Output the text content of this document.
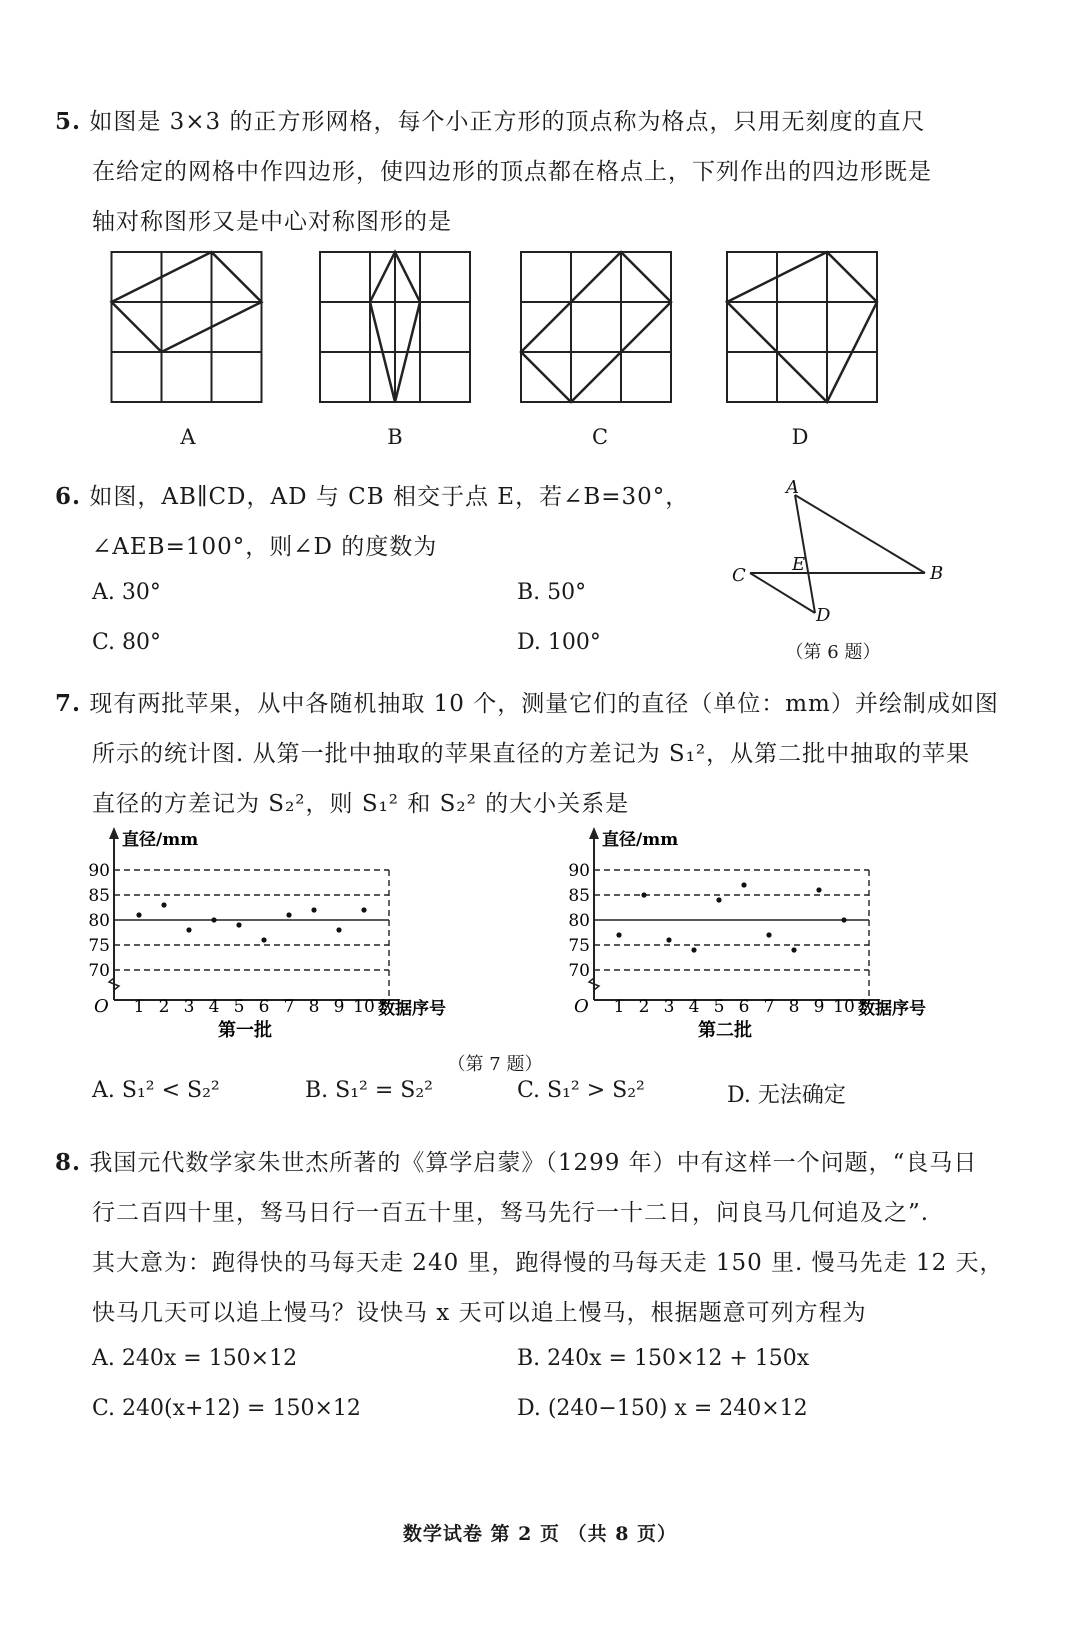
5. 如图是 3×3 的正方形网格，每个小正方形的顶点称为格点，只用无刻度的直尺
在给定的网格中作四边形，使四边形的顶点都在格点上，下列作出的四边形既是
轴对称图形又是中心对称图形的是
A	B	C	D
6. 如图，AB∥CD，AD 与 CB 相交于点 E，若∠B=30°，
∠AEB=100°，则∠D 的度数为
A. 30°	B. 50°
C. 80°	D. 100°
A
B
C
D
E
（第 6 题）
7. 现有两批苹果，从中各随机抽取 10 个，测量它们的直径（单位：mm）并绘制成如图
所示的统计图. 从第一批中抽取的苹果直径的方差记为 S₁²，从第二批中抽取的苹果
直径的方差记为 S₂²，则 S₁² 和 S₂² 的大小关系是
直径/mm
70
75
80
85
90
O 1 2 3 4 5 6 7 8 9 10 数据序号
第一批
直径/mm
70
75
80
85
90
O 1 2 3 4 5 6 7 8 9 10 数据序号
第二批
（第 7 题）
A. S₁² < S₂²	B. S₁² = S₂²	C. S₁² > S₂²	D. 无法确定
8. 我国元代数学家朱世杰所著的《算学启蒙》（1299 年）中有这样一个问题，“良马日
行二百四十里，驽马日行一百五十里，驽马先行一十二日，问良马几何追及之”.
其大意为：跑得快的马每天走 240 里，跑得慢的马每天走 150 里. 慢马先走 12 天，
快马几天可以追上慢马？设快马 x 天可以追上慢马，根据题意可列方程为
A. 240x = 150×12	B. 240x = 150×12 + 150x
C. 240(x+12) = 150×12	D. (240−150) x = 240×12
数学试卷 第 2 页 （共 8 页）
